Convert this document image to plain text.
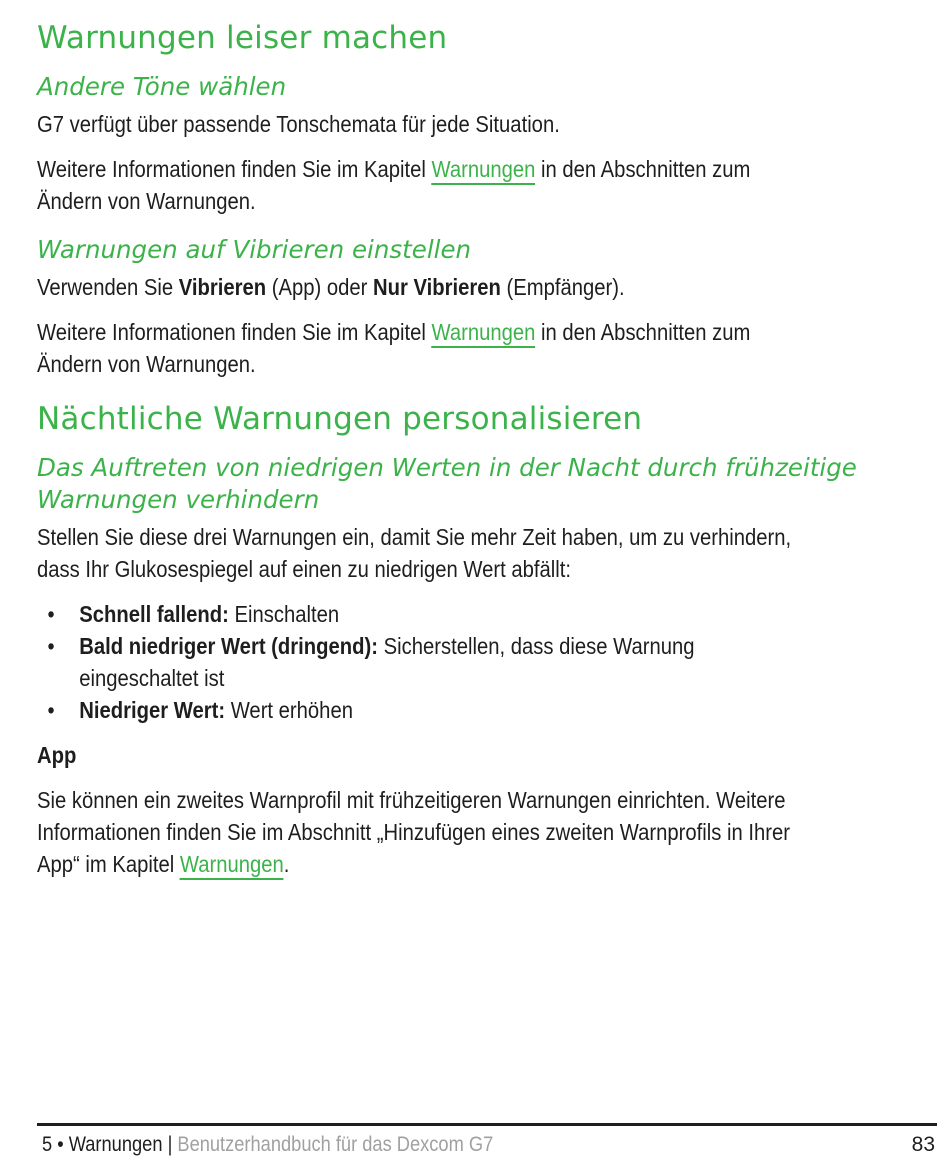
Warnungen leiser machen
Andere Töne wählen
G7 verfügt über passende Tonschemata für jede Situation.
Weitere Informationen finden Sie im Kapitel Warnungen in den Abschnitten zum
Ändern von Warnungen.
Warnungen auf Vibrieren einstellen
Verwenden Sie Vibrieren (App) oder Nur Vibrieren (Empfänger).
Weitere Informationen finden Sie im Kapitel Warnungen in den Abschnitten zum
Ändern von Warnungen.
Nächtliche Warnungen personalisieren
Das Auftreten von niedrigen Werten in der Nacht durch frühzeitige
Warnungen verhindern
Stellen Sie diese drei Warnungen ein, damit Sie mehr Zeit haben, um zu verhindern,
dass Ihr Glukosespiegel auf einen zu niedrigen Wert abfällt:
• Schnell fallend: Einschalten
• Bald niedriger Wert (dringend): Sicherstellen, dass diese Warnung
eingeschaltet ist
• Niedriger Wert: Wert erhöhen
App
Sie können ein zweites Warnprofil mit frühzeitigeren Warnungen einrichten. Weitere
Informationen finden Sie im Abschnitt „Hinzufügen eines zweiten Warnprofils in Ihrer
App“ im Kapitel Warnungen.
5 • Warnungen | Benutzerhandbuch für das Dexcom G7	83
